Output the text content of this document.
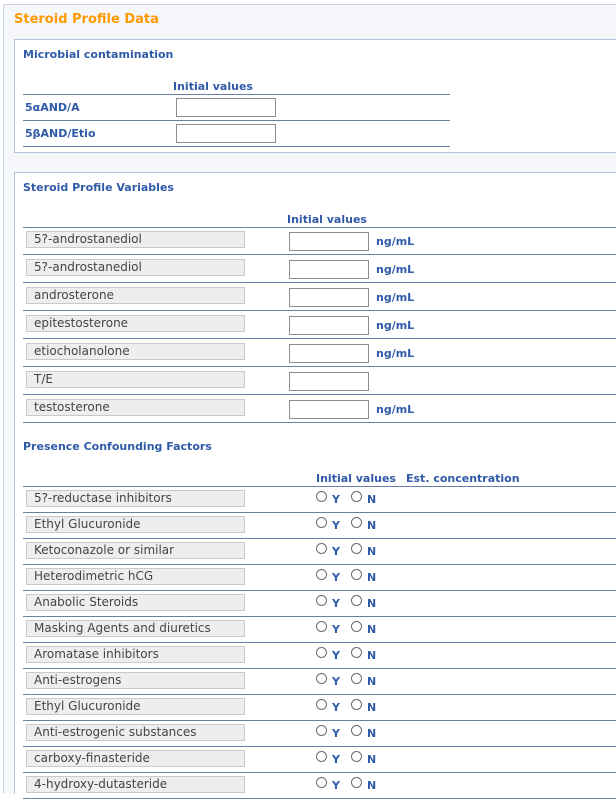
Steroid Profile Data
Microbial contamination
Initial values
5αAND/A
5βAND/Etio
Steroid Profile Variables
Initial values
5?-androstanediol	ng/mL
5?-androstanediol	ng/mL
androsterone	ng/mL
epitestosterone	ng/mL
etiocholanolone	ng/mL
T/E
testosterone	ng/mL
Presence Confounding Factors
Initial values Est. concentration
5?-reductase inhibitors	Y N
Ethyl Glucuronide	Y N
Ketoconazole or similar	Y N
Heterodimetric hCG	Y N
Anabolic Steroids	Y N
Masking Agents and diuretics	Y N
Aromatase inhibitors	Y N
Anti-estrogens	Y N
Ethyl Glucuronide	Y N
Anti-estrogenic substances	Y N
carboxy-finasteride	Y N
4-hydroxy-dutasteride	Y N
